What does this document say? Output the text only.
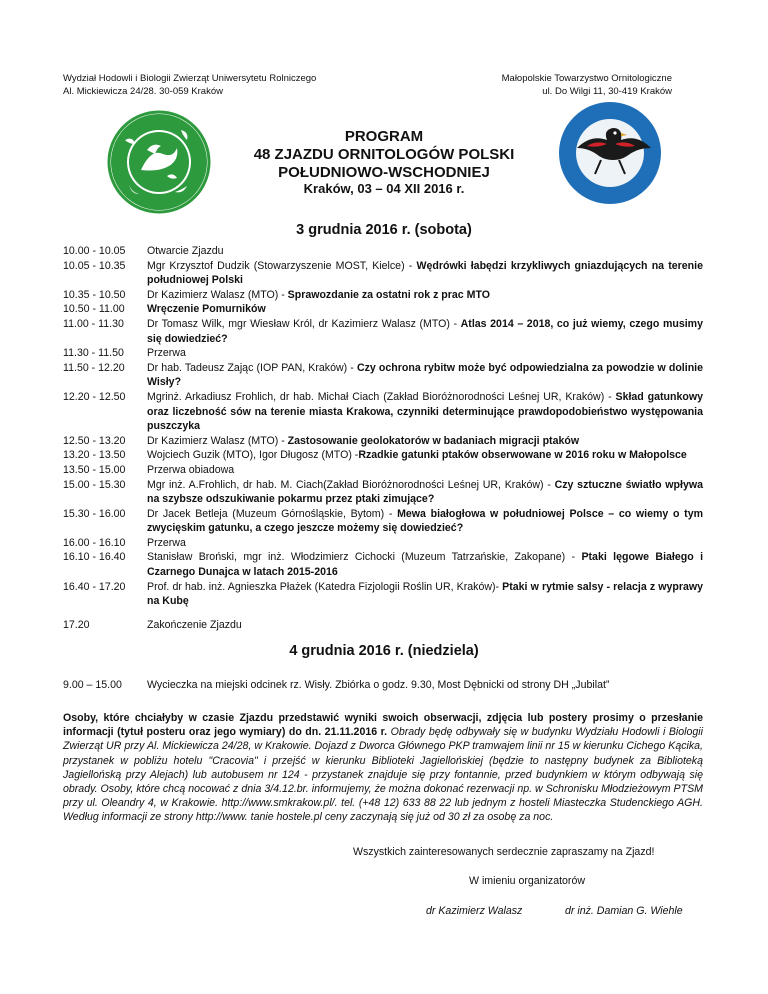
Wydział Hodowli i Biologii Zwierząt Uniwersytetu Rolniczego
Al. Mickiewicza 24/28. 30-059 Kraków
Małopolskie Towarzystwo Ornitologiczne
ul. Do Wilgi 11, 30-419 Kraków
PROGRAM
48 ZJAZDU ORNITOLOGÓW POLSKI
POŁUDNIOWO-WSCHODNIEJ
Kraków, 03 – 04 XII 2016 r.
3 grudnia 2016 r. (sobota)
10.00 - 10.05	Otwarcie Zjazdu
10.05 - 10.35	Mgr Krzysztof Dudzik (Stowarzyszenie MOST, Kielce) - Wędrówki łabędzi krzykliwych gniazdujących na terenie południowej Polski
10.35 - 10.50	Dr Kazimierz Walasz (MTO) - Sprawozdanie za ostatni rok z prac MTO
10.50 - 11.00	Wręczenie Pomurników
11.00 - 11.30	Dr Tomasz Wilk, mgr Wiesław Król, dr Kazimierz Walasz (MTO) - Atlas 2014 – 2018, co już wiemy, czego musimy się dowiedzieć?
11.30 - 11.50	Przerwa
11.50 - 12.20	Dr hab. Tadeusz Zając (IOP PAN, Kraków) - Czy ochrona rybitw może być odpowiedzialna za powodzie w dolinie Wisły?
12.20 - 12.50	Mgrinż. Arkadiusz Frohlich, dr hab. Michał Ciach (Zakład Bioróżnorodności Leśnej UR, Kraków) - Skład gatunkowy oraz liczebność sów na terenie miasta Krakowa, czynniki determinujące prawdopodobieństwo występowania puszczyka
12.50 - 13.20	Dr Kazimierz Walasz (MTO) - Zastosowanie geolokatorów w badaniach migracji ptaków
13.20 - 13.50	Wojciech Guzik (MTO), Igor Długosz (MTO) -Rzadkie gatunki ptaków obserwowane w 2016 roku w Małopolsce
13.50 - 15.00	Przerwa obiadowa
15.00 - 15.30	Mgr inż. A.Frohlich, dr hab. M. Ciach(Zakład Bioróżnorodności Leśnej UR, Kraków) - Czy sztuczne światło wpływa na szybsze odszukiwanie pokarmu przez ptaki zimujące?
15.30 - 16.00	Dr Jacek Betleja (Muzeum Górnośląskie, Bytom) - Mewa białogłowa w południowej Polsce – co wiemy o tym zwycięskim gatunku, a czego jeszcze możemy się dowiedzieć?
16.00 - 16.10	Przerwa
16.10 - 16.40	Stanisław Broński, mgr inż. Włodzimierz Cichocki (Muzeum Tatrzańskie, Zakopane) - Ptaki lęgowe Białego i Czarnego Dunajca w latach 2015-2016
16.40 - 17.20	Prof. dr hab. inż. Agnieszka Płażek (Katedra Fizjologii Roślin UR, Kraków)- Ptaki w rytmie salsy - relacja z wyprawy na Kubę
17.20	Zakończenie Zjazdu
4 grudnia 2016 r. (niedziela)
9.00 – 15.00	Wycieczka na miejski odcinek rz. Wisły. Zbiórka o godz. 9.30, Most Dębnicki od strony DH „Jubilat”
Osoby, które chciałyby w czasie Zjazdu przedstawić wyniki swoich obserwacji, zdjęcia lub postery prosimy o przesłanie informacji (tytuł posteru oraz jego wymiary) do dn. 21.11.2016 r. Obrady będę odbywały się w budynku Wydziału Hodowli i Biologii Zwierząt UR przy Al. Mickiewicza 24/28, w Krakowie. Dojazd z Dworca Głównego PKP tramwajem linii nr 15 w kierunku Cichego Kącika, przystanek w pobliżu hotelu "Cracovia" i przejść w kierunku Biblioteki Jagiellońskiej (będzie to następny budynek za Biblioteką Jagiellońską przy Alejach) lub autobusem nr 124 - przystanek znajduje się przy fontannie, przed budynkiem w którym odbywają się obrady. Osoby, które chcą nocować z dnia 3/4.12.br. informujemy, że można dokonać rezerwacji np. w Schronisku Młodzieżowym PTSM przy ul. Oleandry 4, w Krakowie. http://www.smkrakow.pl/. tel. (+48 12) 633 88 22 lub jednym z hosteli Miasteczka Studenckiego AGH. Według informacji ze strony http://www. tanie hostele.pl ceny zaczynają się już od 30 zł za osobę za noc.
Wszystkich zainteresowanych serdecznie zapraszamy na Zjazd!
W imieniu organizatorów
dr Kazimierz Walasz	dr inż. Damian G. Wiehle
